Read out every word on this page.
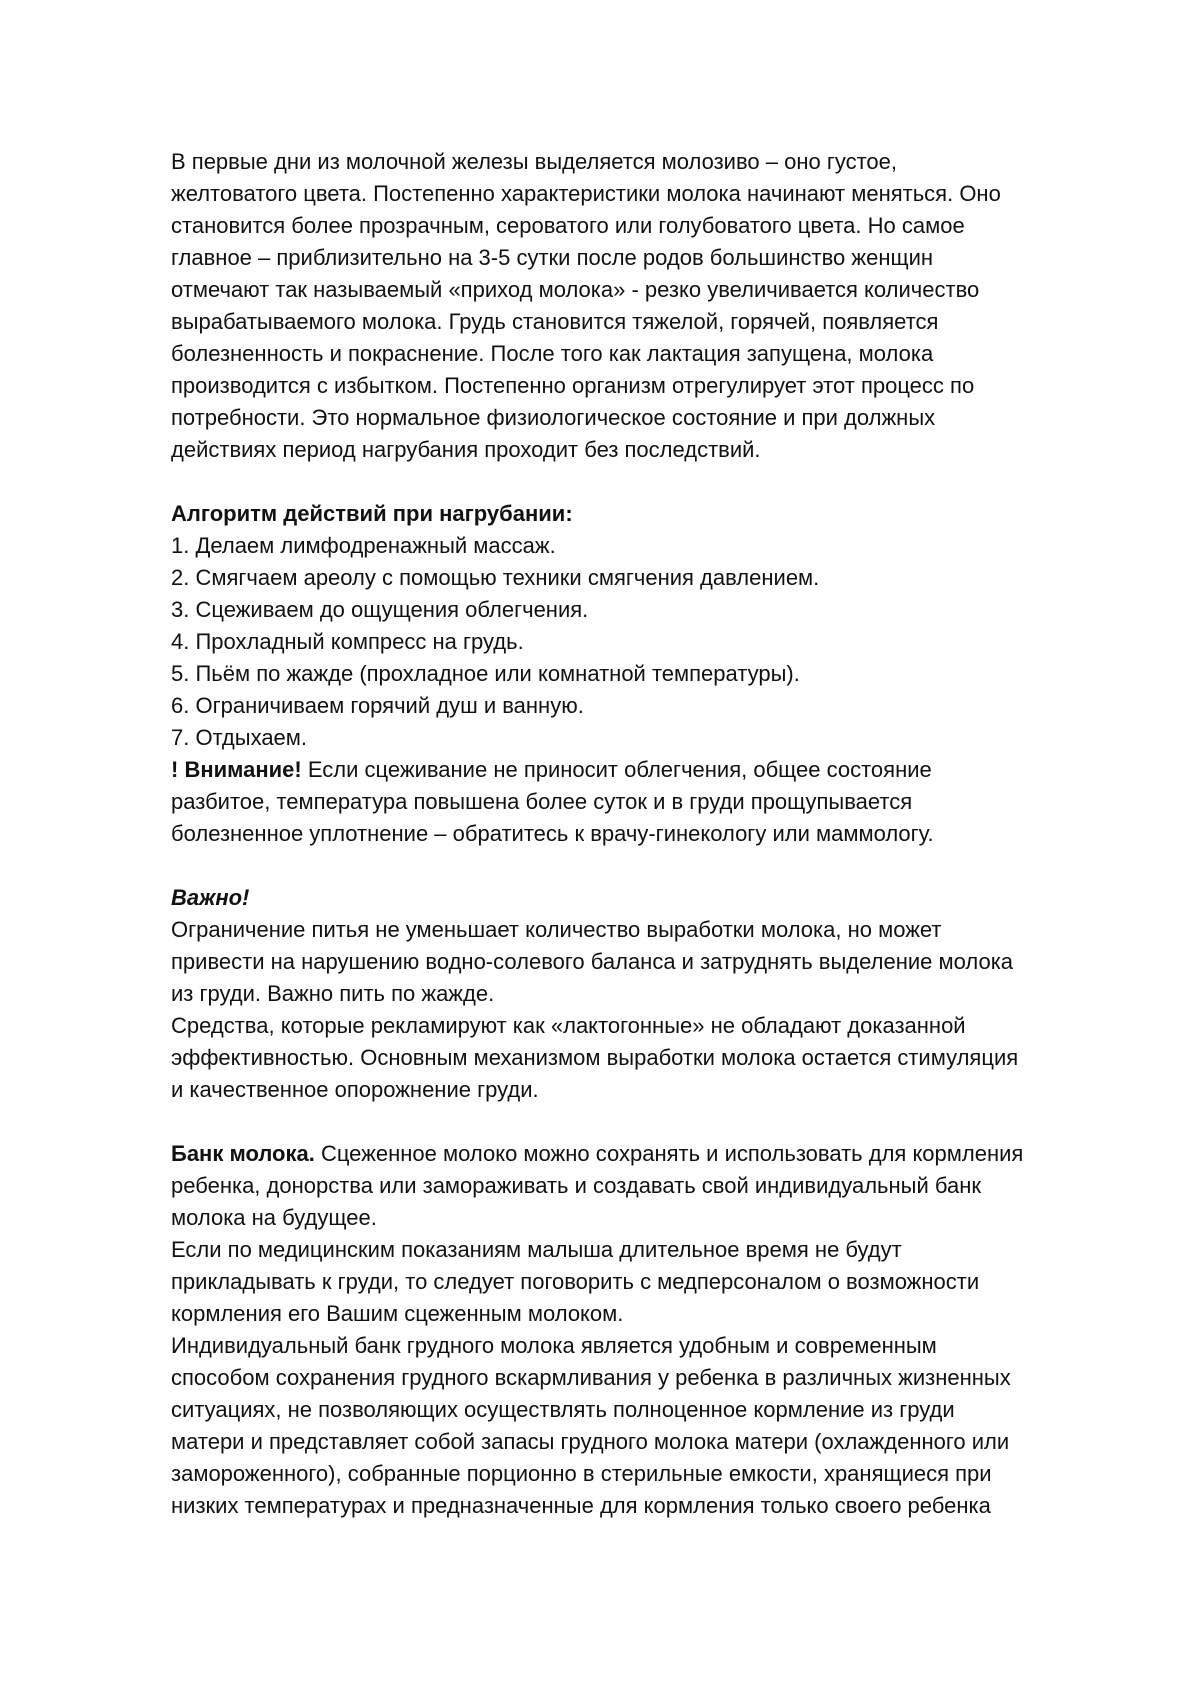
В первые дни из молочной железы выделяется молозиво – оно густое,
желтоватого цвета. Постепенно характеристики молока начинают меняться. Оно
становится более прозрачным, сероватого или голубоватого цвета. Но самое
главное – приблизительно на 3-5 сутки после родов большинство женщин
отмечают так называемый «приход молока» - резко увеличивается количество
вырабатываемого молока. Грудь становится тяжелой, горячей, появляется
болезненность и покраснение. После того как лактация запущена, молока
производится с избытком. Постепенно организм отрегулирует этот процесс по
потребности. Это нормальное физиологическое состояние и при должных
действиях период нагрубания проходит без последствий.
Алгоритм действий при нагрубании:
1. Делаем лимфодренажный массаж.
2. Смягчаем ареолу с помощью техники смягчения давлением.
3. Сцеживаем до ощущения облегчения.
4. Прохладный компресс на грудь.
5. Пьём по жажде (прохладное или комнатной температуры).
6. Ограничиваем горячий душ и ванную.
7. Отдыхаем.
! Внимание! Если сцеживание не приносит облегчения, общее состояние
разбитое, температура повышена более суток и в груди прощупывается
болезненное уплотнение – обратитесь к врачу-гинекологу или маммологу.
Важно!
Ограничение питья не уменьшает количество выработки молока, но может
привести на нарушению водно-солевого баланса и затруднять выделение молока
из груди. Важно пить по жажде.
Средства, которые рекламируют как «лактогонные» не обладают доказанной
эффективностью. Основным механизмом выработки молока остается стимуляция
и качественное опорожнение груди.
Банк молока. Сцеженное молоко можно сохранять и использовать для кормления
ребенка, донорства или замораживать и создавать свой индивидуальный банк
молока на будущее.
Если по медицинским показаниям малыша длительное время не будут
прикладывать к груди, то следует поговорить с медперсоналом о возможности
кормления его Вашим сцеженным молоком.
Индивидуальный банк грудного молока является удобным и современным
способом сохранения грудного вскармливания у ребенка в различных жизненных
ситуациях, не позволяющих осуществлять полноценное кормление из груди
матери и представляет собой запасы грудного молока матери (охлажденного или
замороженного), собранные порционно в стерильные емкости, хранящиеся при
низких температурах и предназначенные для кормления только своего ребенка
